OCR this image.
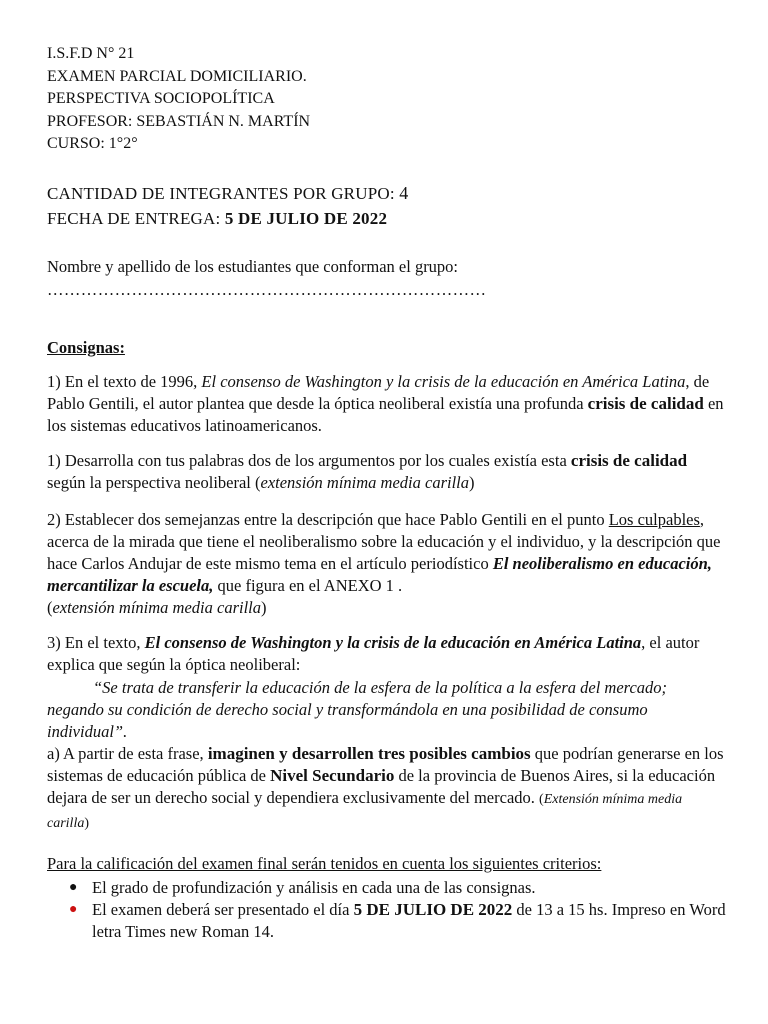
I.S.F.D N° 21
EXAMEN PARCIAL DOMICILIARIO.
PERSPECTIVA SOCIOPOLÍTICA
PROFESOR: SEBASTIÁN N. MARTÍN
CURSO: 1°2°
CANTIDAD DE INTEGRANTES POR GRUPO: 4
FECHA DE ENTREGA: 5 DE JULIO DE 2022
Nombre y apellido de los estudiantes que conforman el grupo:
……………………………………………………………………
Consignas:
1) En el texto de 1996, El consenso de Washington y la crisis de la educación en América Latina, de Pablo Gentili, el autor plantea que desde la óptica neoliberal existía una profunda crisis de calidad en los sistemas educativos latinoamericanos.
1) Desarrolla con tus palabras dos de los argumentos por los cuales existía esta crisis de calidad según la perspectiva neoliberal (extensión mínima media carilla)
2) Establecer dos semejanzas entre la descripción que hace Pablo Gentili en el punto Los culpables, acerca de la mirada que tiene el neoliberalismo sobre la educación y el individuo, y la descripción que hace Carlos Andujar de este mismo tema en el artículo periodístico El neoliberalismo en educación, mercantilizar la escuela, que figura en el ANEXO 1 .
(extensión mínima media carilla)
3) En el texto, El consenso de Washington y la crisis de la educación en América Latina, el autor explica que según la óptica neoliberal:
“Se trata de transferir la educación de la esfera de la política a la esfera del mercado; negando su condición de derecho social y transformándola en una posibilidad de consumo individual”.
a) A partir de esta frase, imaginen y desarrollen tres posibles cambios que podrían generarse en los sistemas de educación pública de Nivel Secundario de la provincia de Buenos Aires, si la educación dejara de ser un derecho social y dependiera exclusivamente del mercado. (Extensión mínima media carilla)
Para la calificación del examen final serán tenidos en cuenta los siguientes criterios:
● El grado de profundización y análisis en cada una de las consignas.
● El examen deberá ser presentado el día 5 DE JULIO DE 2022 de 13 a 15 hs. Impreso en Word letra Times new Roman 14.
